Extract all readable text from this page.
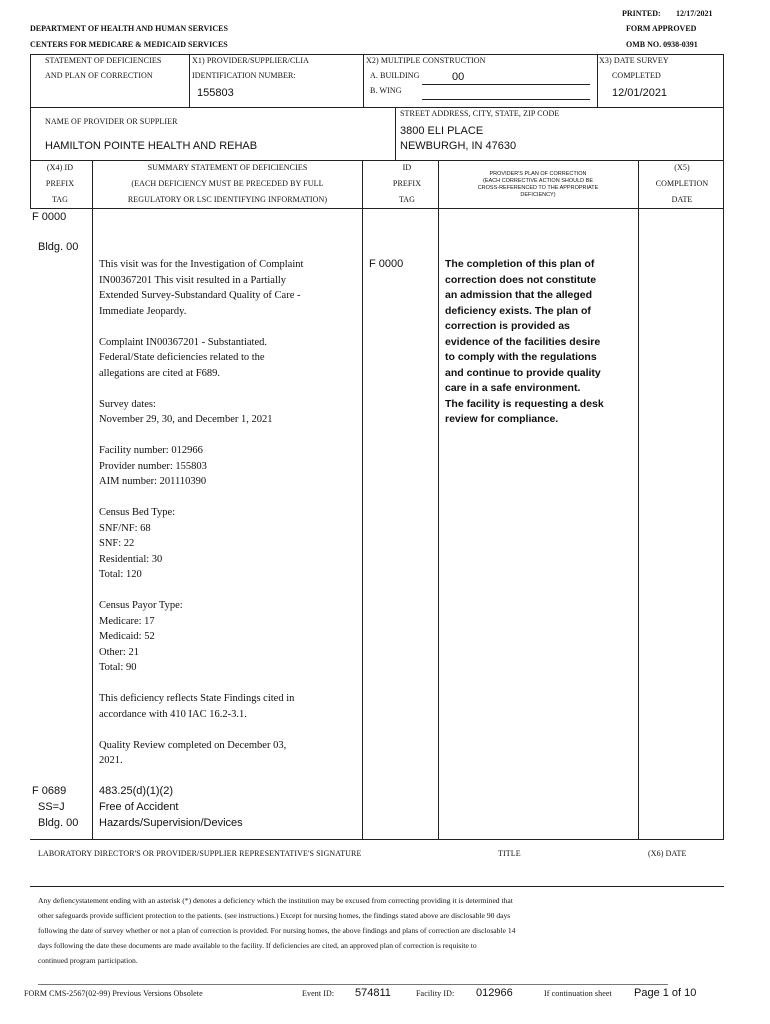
PRINTED: 12/17/2021
FORM APPROVED
OMB NO. 0938-0391
DEPARTMENT OF HEALTH AND HUMAN SERVICES
CENTERS FOR MEDICARE & MEDICAID SERVICES
STATEMENT OF DEFICIENCIES
AND PLAN OF CORRECTION
X1) PROVIDER/SUPPLIER/CLIA
IDENTIFICATION NUMBER:
155803
X2) MULTIPLE CONSTRUCTION
A. BUILDING	00
B. WING
X3) DATE SURVEY
COMPLETED
12/01/2021
NAME OF PROVIDER OR SUPPLIER
HAMILTON POINTE HEALTH AND REHAB
STREET ADDRESS, CITY, STATE, ZIP CODE
3800 ELI PLACE
NEWBURGH, IN 47630
(X4) ID
PREFIX
TAG
SUMMARY STATEMENT OF DEFICIENCIES
(EACH DEFICIENCY MUST BE PRECEDED BY FULL
REGULATORY OR LSC IDENTIFYING INFORMATION)
ID
PREFIX
TAG
PROVIDER'S PLAN OF CORRECTION
(EACH CORRECTIVE ACTION SHOULD BE
CROSS-REFERENCED TO THE APPROPRIATE
DEFICIENCY)
(X5)
COMPLETION
DATE
F 0000
Bldg. 00

This visit was for the Investigation of Complaint
IN00367201 This visit resulted in a Partially
Extended Survey-Substandard Quality of Care -
Immediate Jeopardy.

Complaint IN00367201 - Substantiated.
Federal/State deficiencies related to the
allegations are cited at F689.

Survey dates:
November 29, 30, and December 1, 2021

Facility number: 012966
Provider number: 155803
AIM number: 201110390

Census Bed Type:
SNF/NF: 68
SNF: 22
Residential: 30
Total: 120

Census Payor Type:
Medicare: 17
Medicaid: 52
Other: 21
Total: 90

This deficiency reflects State Findings cited in
accordance with 410 IAC 16.2-3.1.

Quality Review completed on December 03,
2021.

F 0000	The completion of this plan of
correction does not constitute
an admission that the alleged
deficiency exists. The plan of
correction is provided as
evidence of the facilities desire
to comply with the regulations
and continue to provide quality
care in a safe environment.
The facility is requesting a desk
review for compliance.
F 0689
SS=J
Bldg. 00
483.25(d)(1)(2)
Free of Accident
Hazards/Supervision/Devices
LABORATORY DIRECTOR'S OR PROVIDER/SUPPLIER REPRESENTATIVE'S SIGNATURE	TITLE	(X6) DATE
Any defiencystatement ending with an asterisk (*) denotes a deficiency which the institution may be excused from correcting providing it is determined that
other safeguards provide sufficient protection to the patients. (see instructions.) Except for nursing homes, the findings stated above are disclosable 90 days
following the date of survey whether or not a plan of correction is provided. For nursing homes, the above findings and plans of correction are disclosable 14
days following the date these documents are made available to the facility. If deficiencies are cited, an approved plan of correction is requisite to
continued program participation.
FORM CMS-2567(02-99) Previous Versions Obsolete	Event ID: 574811	Facility ID: 012966	If continuation sheet Page 1 of 10
